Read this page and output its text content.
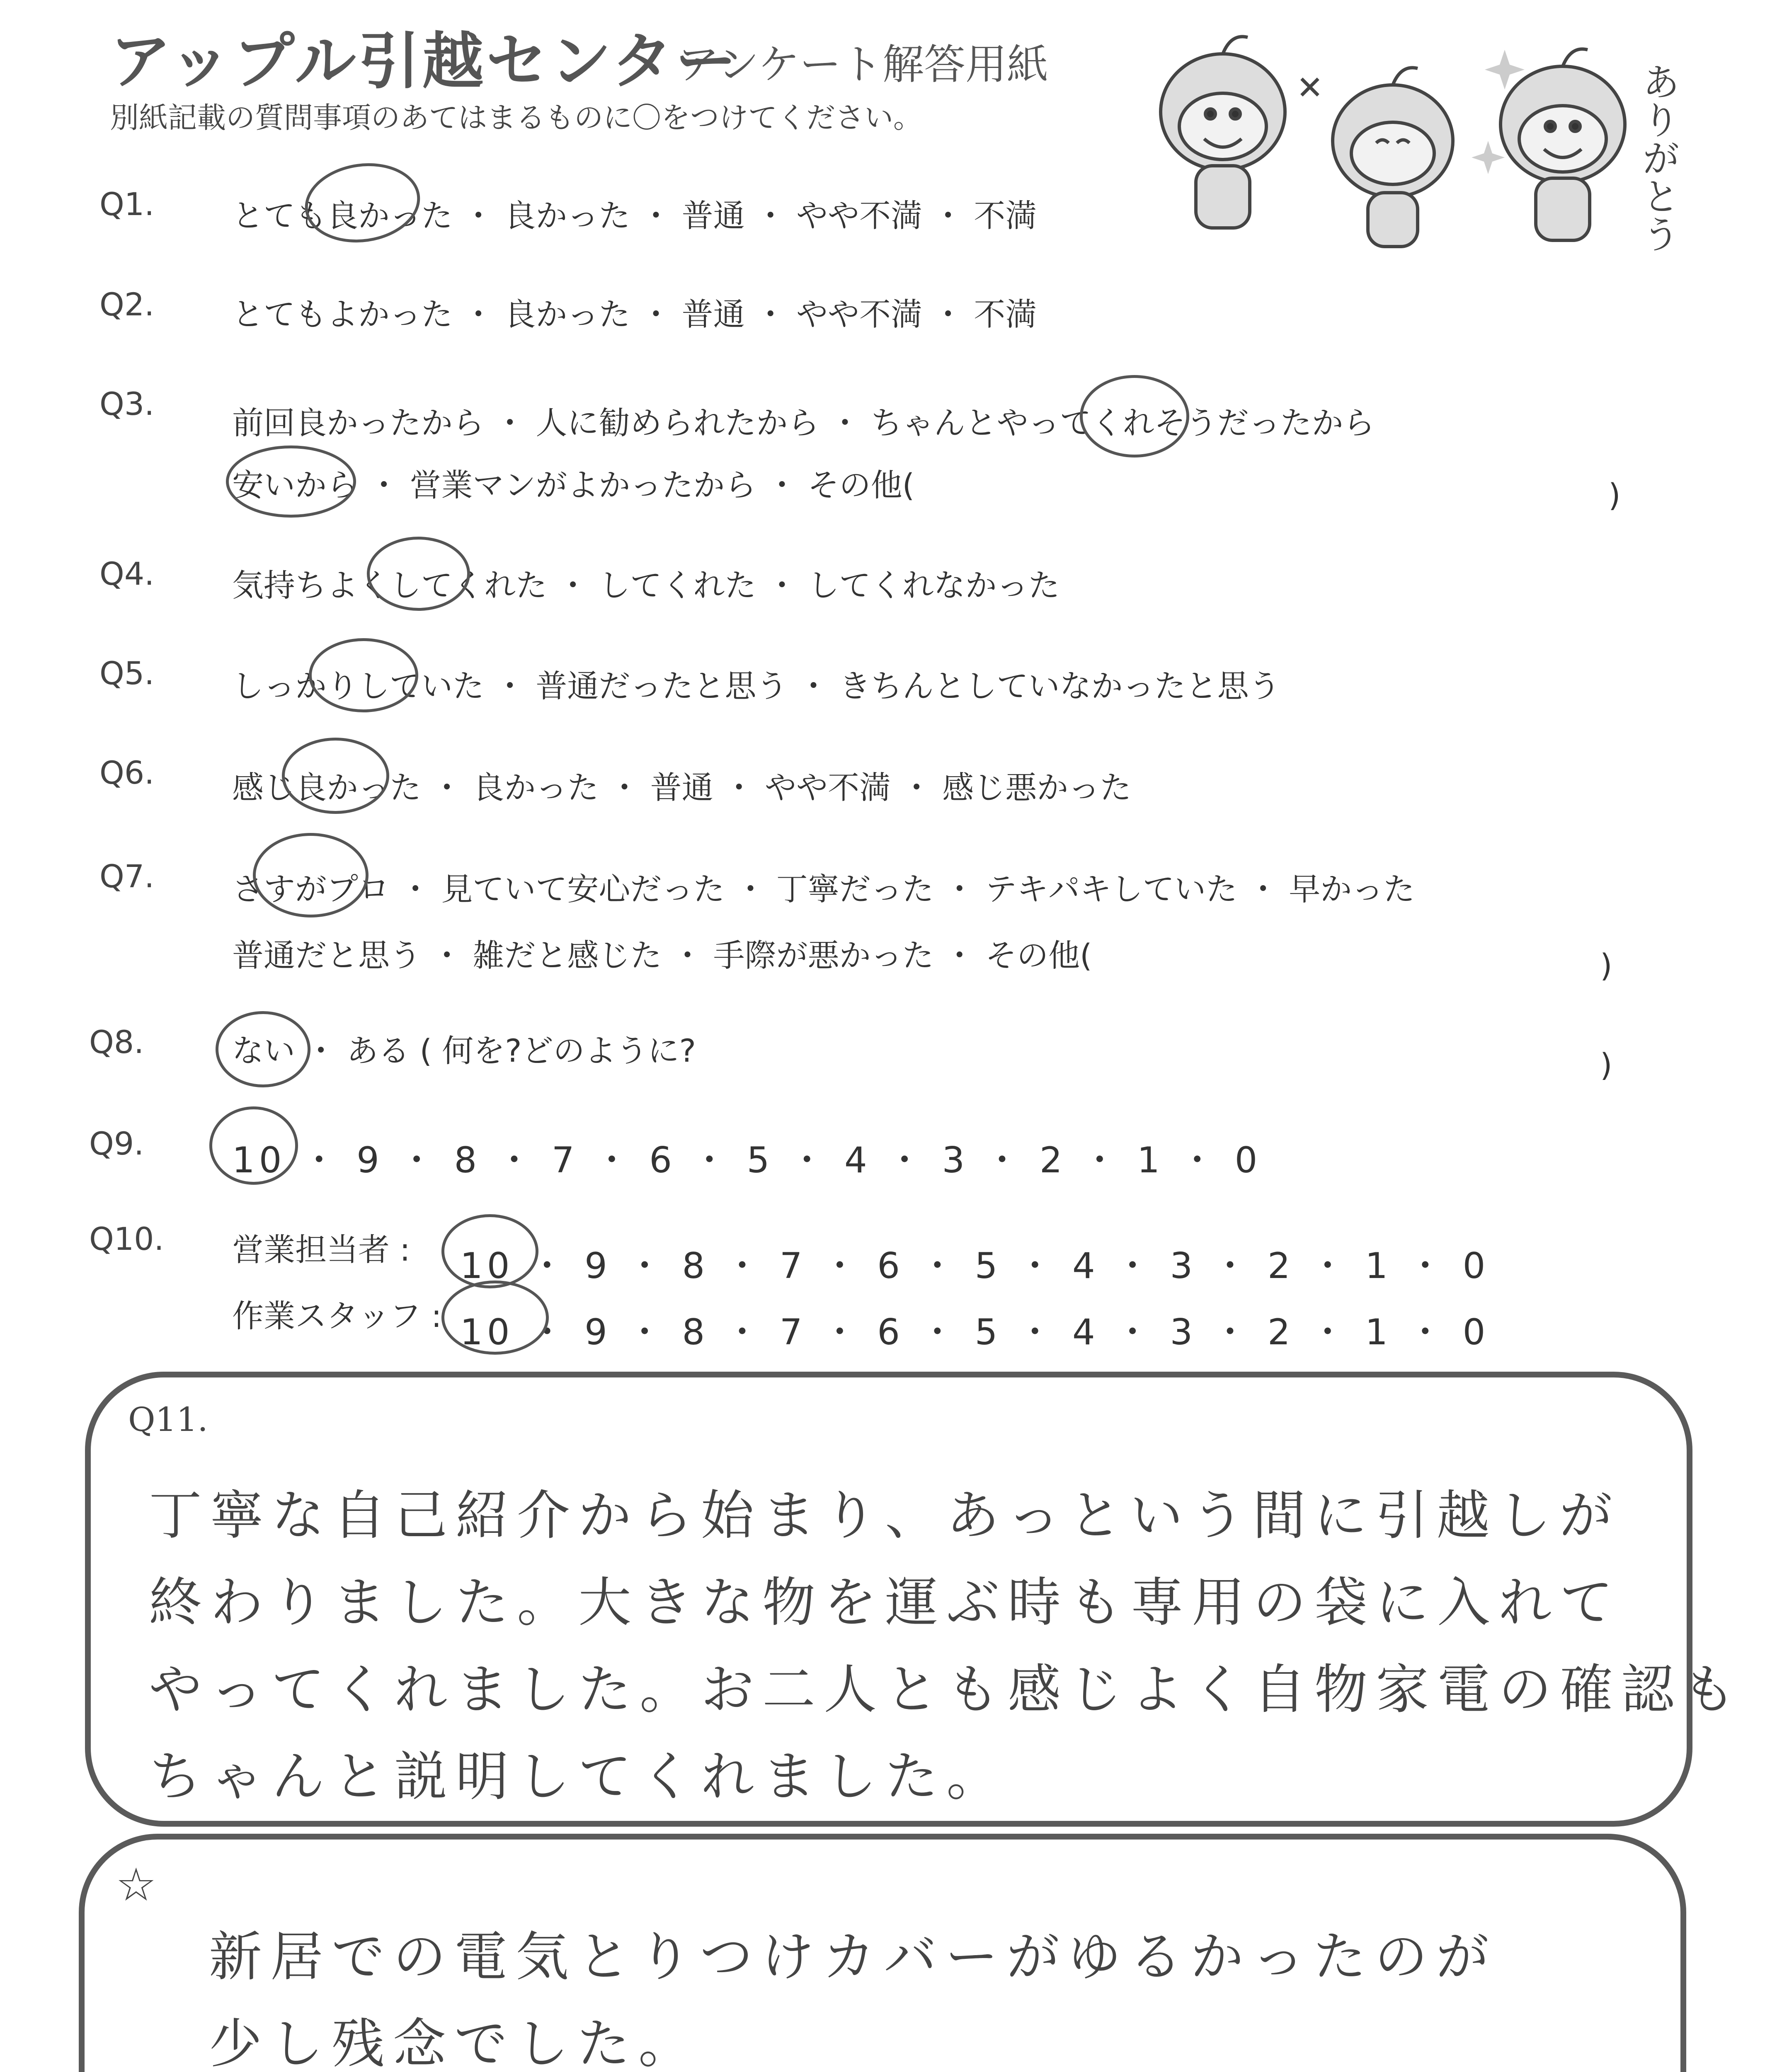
アップル引越センター
アンケート解答用紙
別紙記載の質問事項のあてはまるものに〇をつけてください。	ありがとう
Q1. とても良かった ・ 良かった ・ 普通 ・ やや不満 ・ 不満
Q2. とてもよかった ・ 良かった ・ 普通 ・ やや不満 ・ 不満
Q3.
前回良かったから ・ 人に勧められたから ・ ちゃんとやってくれそうだったから
安いから ・ 営業マンがよかったから ・ その他(	)
Q4. 気持ちよくしてくれた ・ してくれた ・ してくれなかった
Q5. しっかりしていた ・ 普通だったと思う ・ きちんとしていなかったと思う
Q6. 感じ良かった ・ 良かった ・ 普通 ・ やや不満 ・ 感じ悪かった
Q7. さすがプロ ・ 見ていて安心だった ・ 丁寧だった ・ テキパキしていた ・ 早かった
普通だと思う ・ 雑だと感じた ・ 手際が悪かった ・ その他(	)
Q8.	ない ・ ある ( 何を?どのように?	)
Q9. 10 ・ 9 ・ 8 ・ 7 ・ 6 ・ 5 ・ 4 ・ 3 ・ 2 ・ 1 ・ 0
Q10. 営業担当者 : 10 ・ 9 ・ 8 ・ 7 ・ 6 ・ 5 ・ 4 ・ 3 ・ 2 ・ 1 ・ 0
作業スタッフ : 10 ・ 9 ・ 8 ・ 7 ・ 6 ・ 5 ・ 4 ・ 3 ・ 2 ・ 1 ・ 0
Q11.
丁寧な自己紹介から始まり、あっという間に引越しが
終わりました。大きな物を運ぶ時も専用の袋に入れて
やってくれました。お二人とも感じよく自物家電の確認も
ちゃんと説明してくれました。
☆
新居での電気とりつけカバーがゆるかったのが
少し残念でした。
